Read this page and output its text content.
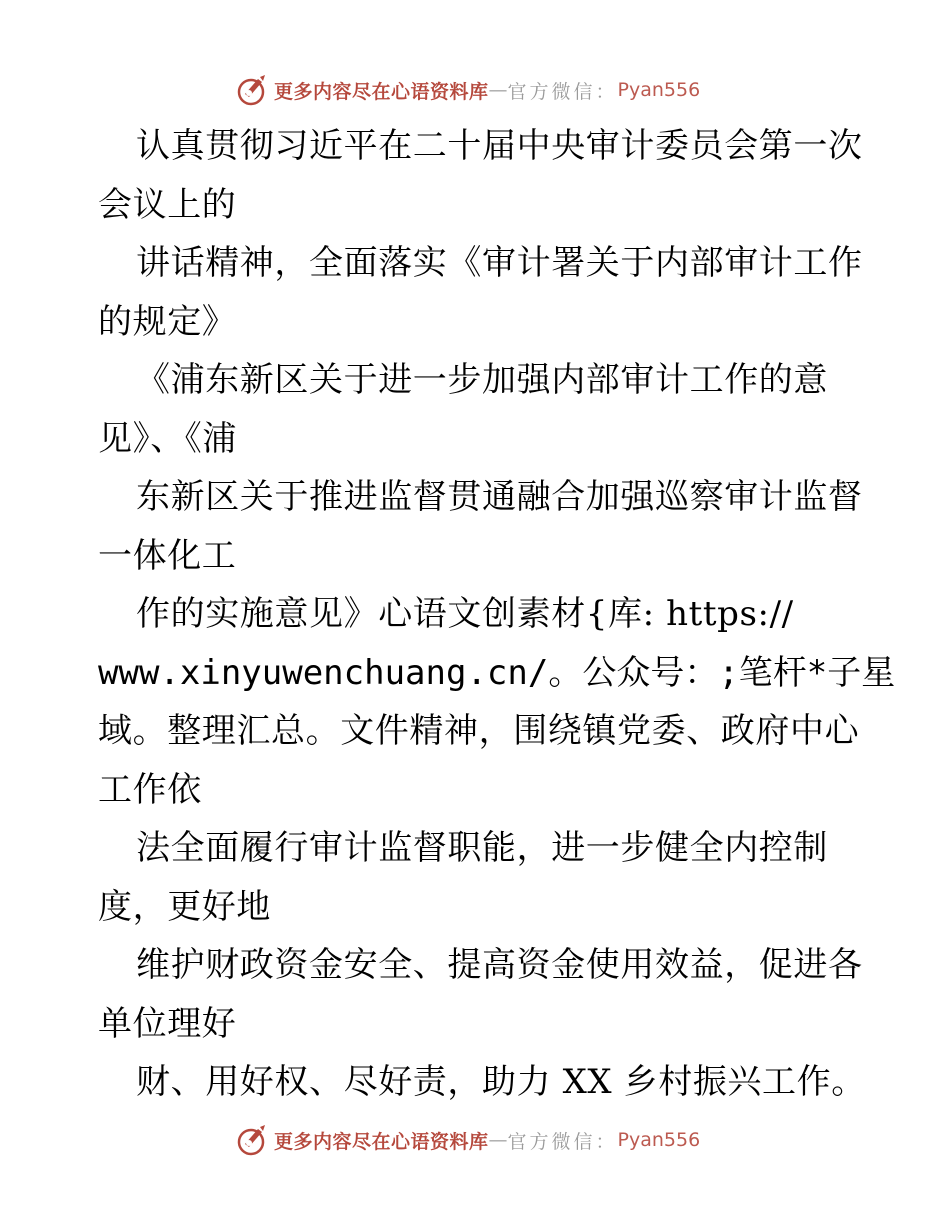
更多内容尽在心语资料库 — 官方微信： Pyan556
认真贯彻习近平在二十届中央审计委员会第一次
会议上的
讲话精神，全面落实《审计署关于内部审计工作
的规定》
《浦东新区关于进一步加强内部审计工作的意
见》、《浦
东新区关于推进监督贯通融合加强巡察审计监督
一体化工
作的实施意见》心语文创素材{库: https://
www.xinyuwenchuang.cn/。公众号：;笔杆*子星
域。整理汇总。文件精神，围绕镇党委、政府中心
工作依
法全面履行审计监督职能，进一步健全内控制
度，更好地
维护财政资金安全、提高资金使用效益，促进各
单位理好
财、用好权、尽好责，助力 XX 乡村振兴工作。
更多内容尽在心语资料库 — 官方微信： Pyan556
